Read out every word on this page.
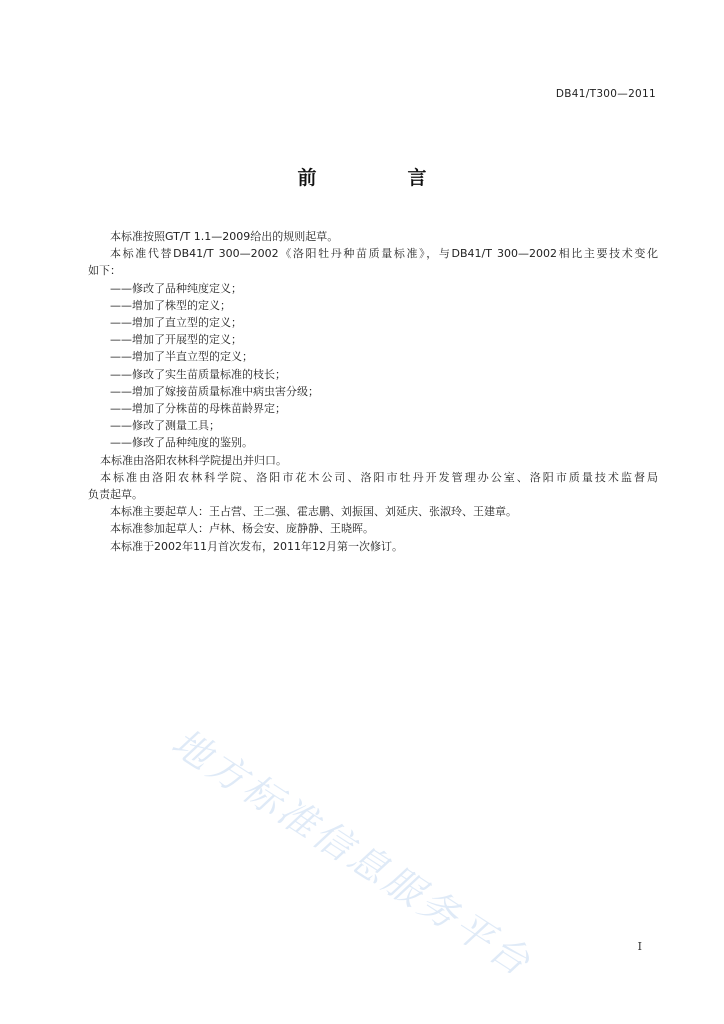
DB41/T300—2011
前　言

本标准按照GT/T 1.1—2009给出的规则起草。

本标准代替DB41/T 300—2002《洛阳牡丹种苗质量标准》，与DB41/T 300—2002相比主要技术变化

如下：

——修改了品种纯度定义；

——增加了株型的定义；

——增加了直立型的定义；

——增加了开展型的定义；

——增加了半直立型的定义；

——修改了实生苗质量标准的枝长；

——增加了嫁接苗质量标准中病虫害分级；

——增加了分株苗的母株苗龄界定；

——修改了测量工具；

——修改了品种纯度的鉴别。

本标准由洛阳农林科学院提出并归口。

本标准由洛阳农林科学院、洛阳市花木公司、洛阳市牡丹开发管理办公室、洛阳市质量技术监督局

负责起草。

本标准主要起草人：王占营、王二强、霍志鹏、刘振国、刘延庆、张淑玲、王建章。

本标准参加起草人：卢林、杨会安、庞静静、王晓晖。

本标准于2002年11月首次发布，2011年12月第一次修订。

地方标准信息服务平台	I
